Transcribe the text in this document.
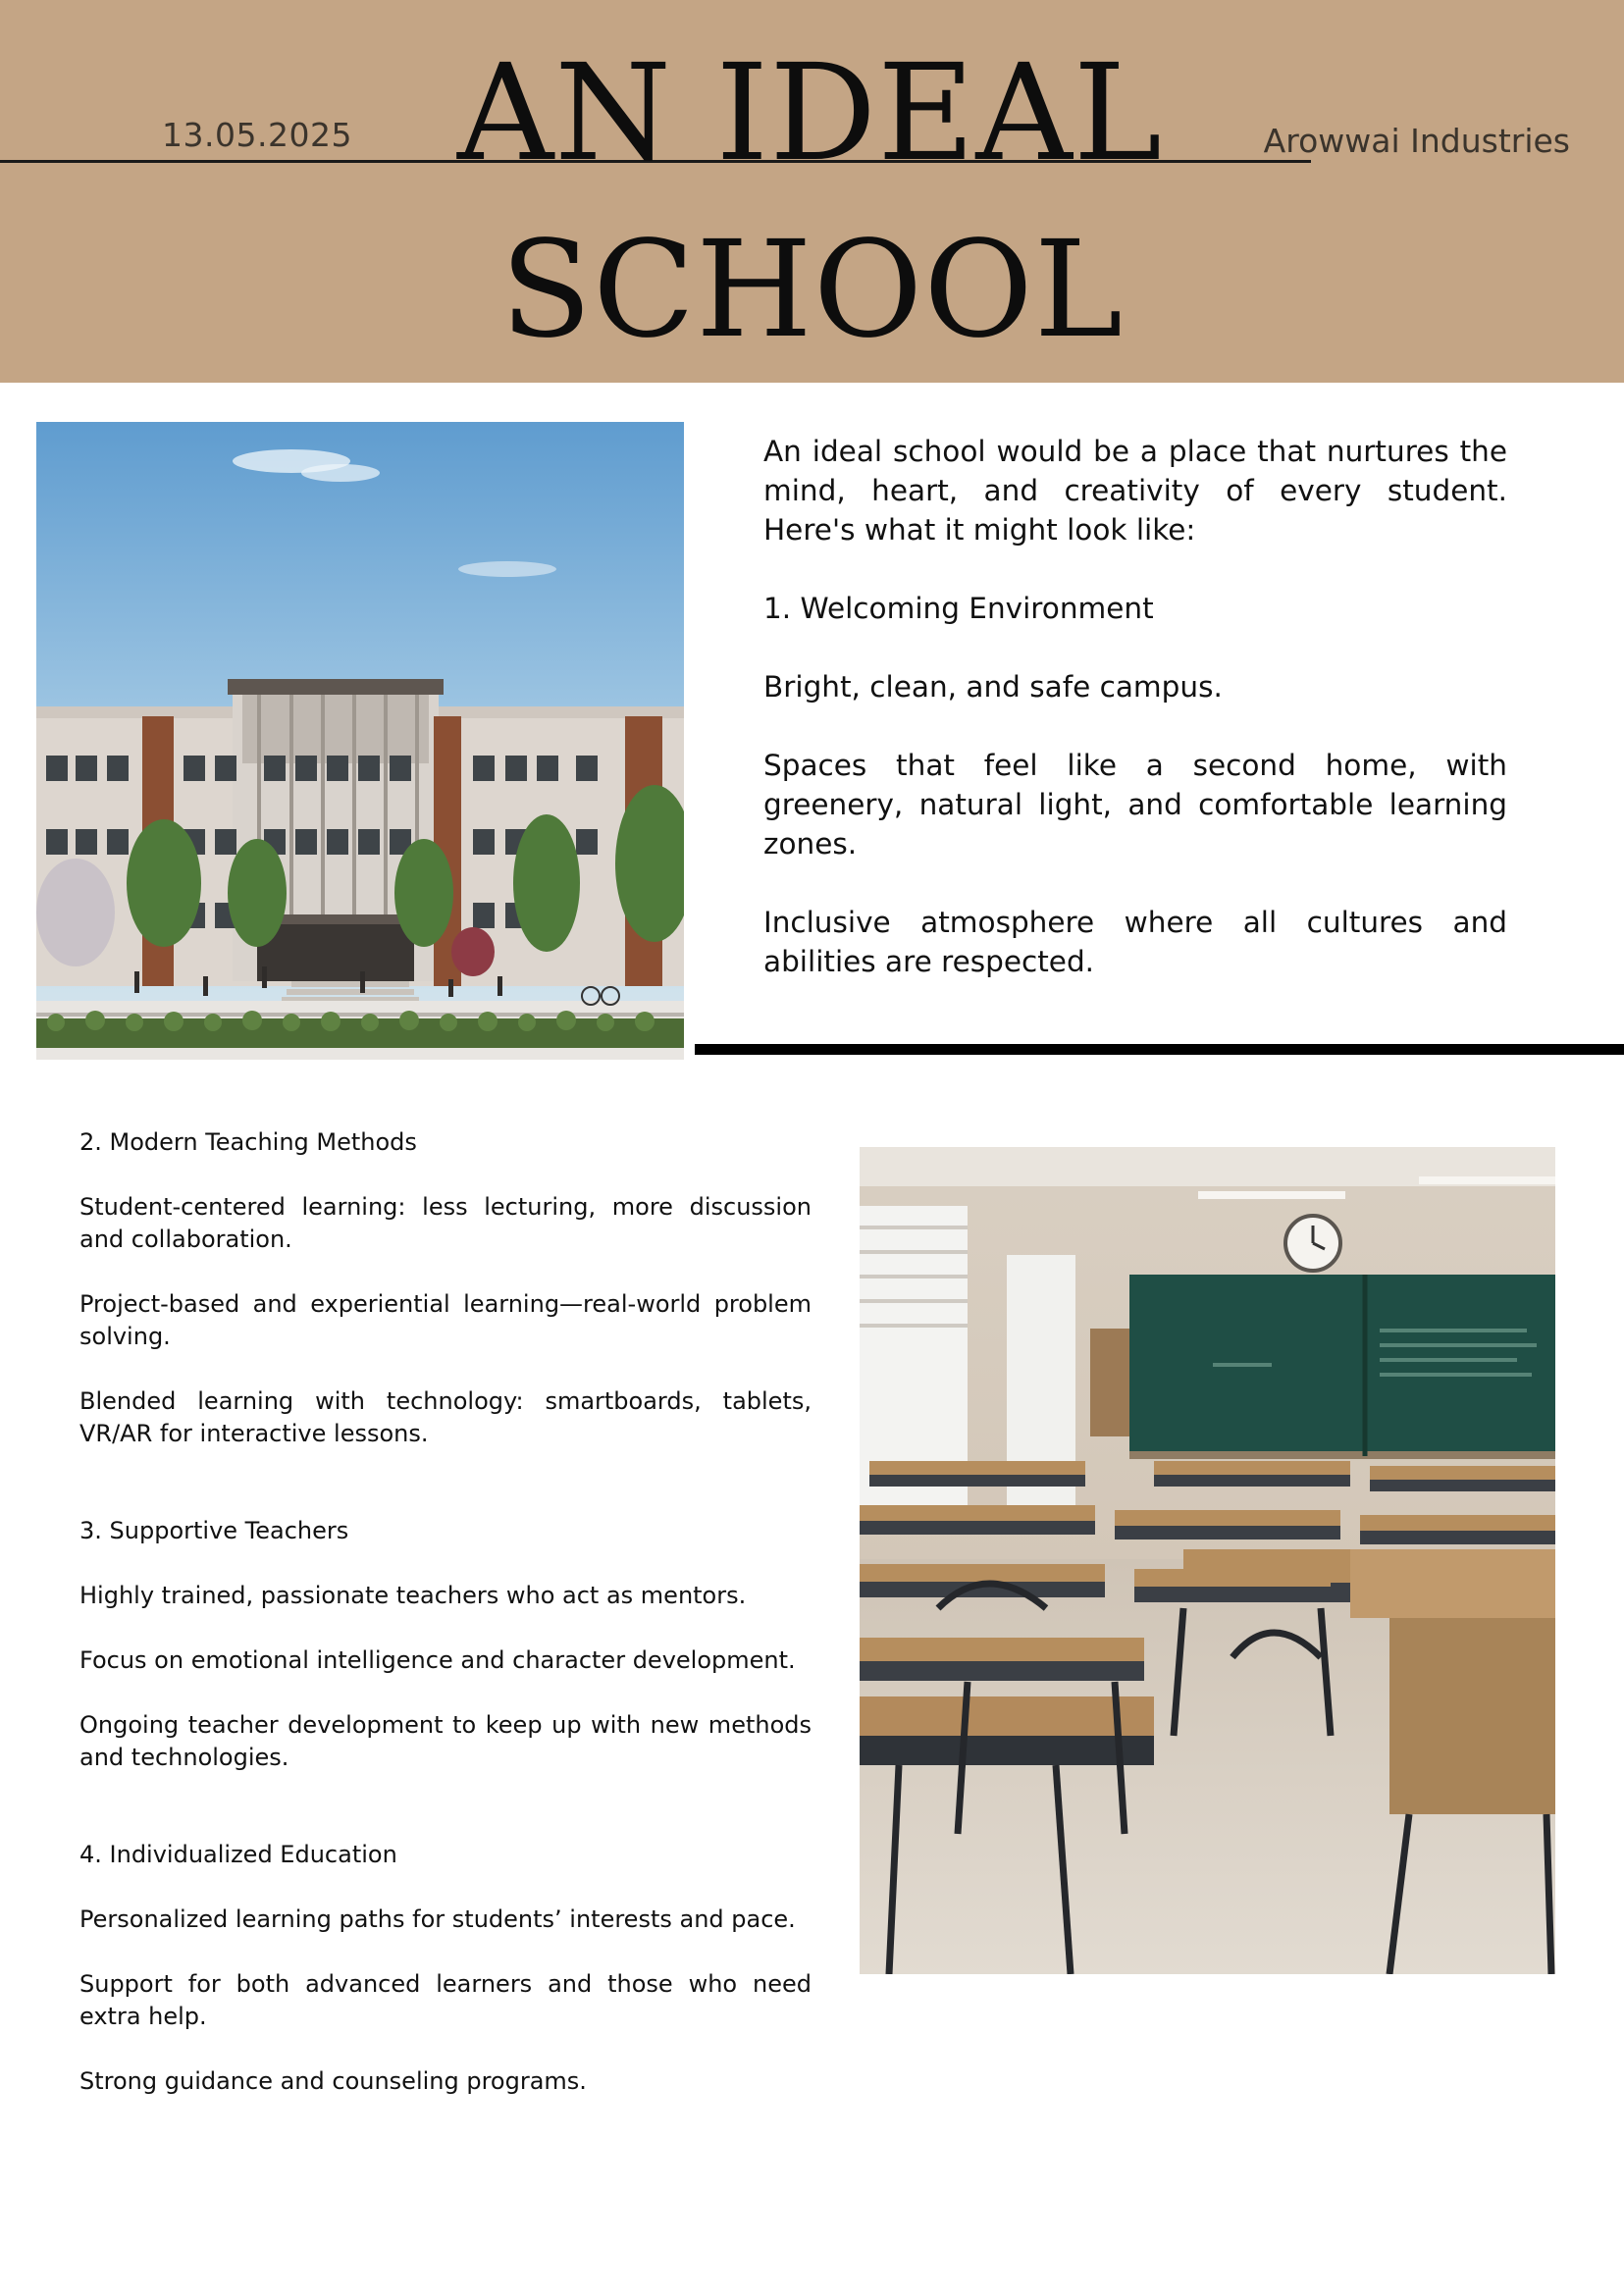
13.05.2025	Arowwai Industries
AN IDEAL
SCHOOL

An ideal school would be a place that nurtures the mind, heart, and creativity of every student. Here's what it might look like:

1. Welcoming Environment

Bright, clean, and safe campus.

Spaces that feel like a second home, with greenery, natural light, and comfortable learning zones.

Inclusive atmosphere where all cultures and abilities are respected.

2. Modern Teaching Methods

Student-centered learning: less lecturing, more discussion and collaboration.

Project-based and experiential learning—real-world problem solving.

Blended learning with technology: smartboards, tablets, VR/AR for interactive lessons.

3. Supportive Teachers

Highly trained, passionate teachers who act as mentors.

Focus on emotional intelligence and character development.

Ongoing teacher development to keep up with new methods and technologies.

4. Individualized Education

Personalized learning paths for students’ interests and pace.

Support for both advanced learners and those who need extra help.

Strong guidance and counseling programs.
